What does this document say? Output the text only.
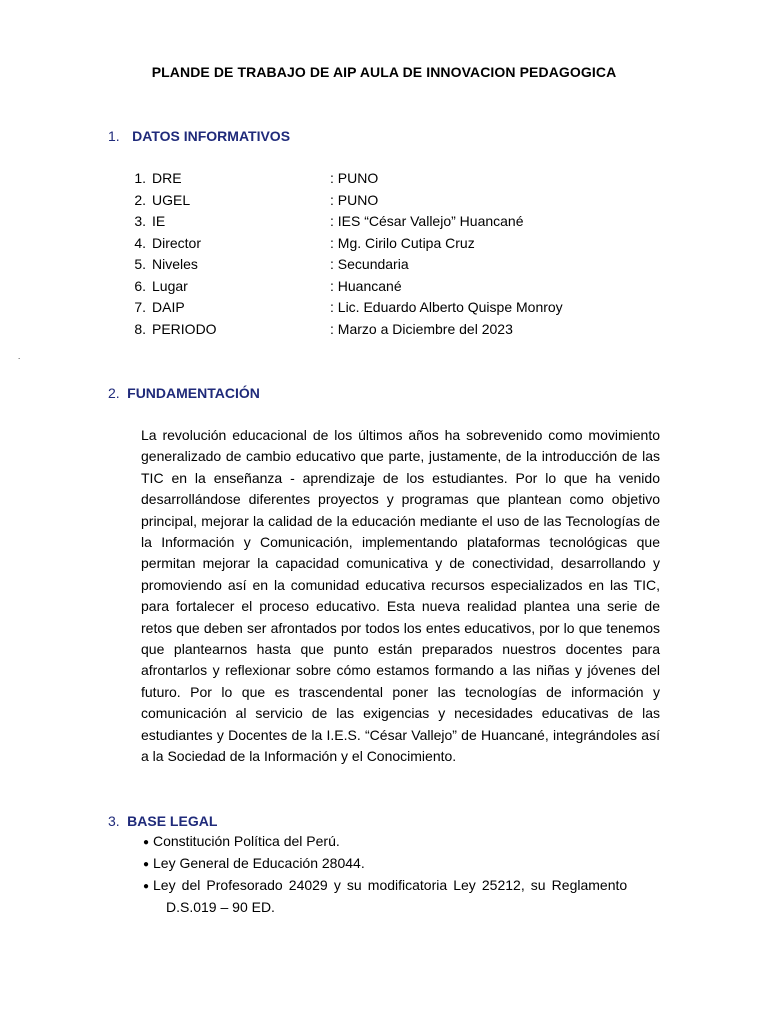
PLANDE DE TRABAJO DE AIP AULA DE INNOVACION PEDAGOGICA
1. DATOS INFORMATIVOS
1. DRE	: PUNO
2. UGEL	: PUNO
3. IE	: IES “César Vallejo” Huancané
4. Director	: Mg. Cirilo Cutipa Cruz
5. Niveles	: Secundaria
6. Lugar	: Huancané
7. DAIP	: Lic. Eduardo Alberto Quispe Monroy
8. PERIODO	: Marzo a Diciembre del 2023
.
2. FUNDAMENTACIÓN

La revolución educacional de los últimos años ha sobrevenido como movimiento generalizado de cambio educativo que parte, justamente, de la introducción de las TIC en la enseñanza - aprendizaje de los estudiantes. Por lo que ha venido desarrollándose diferentes proyectos y programas que plantean como objetivo principal, mejorar la calidad de la educación mediante el uso de las Tecnologías de la Información y Comunicación, implementando plataformas tecnológicas que permitan mejorar la capacidad comunicativa y de conectividad, desarrollando y promoviendo así en la comunidad educativa recursos especializados en las TIC, para fortalecer el proceso educativo. Esta nueva realidad plantea una serie de retos que deben ser afrontados por todos los entes educativos, por lo que tenemos que plantearnos hasta que punto están preparados nuestros docentes para afrontarlos y reflexionar sobre cómo estamos formando a las niñas y jóvenes del futuro. Por lo que es trascendental poner las tecnologías de información y comunicación al servicio de las exigencias y necesidades educativas de las estudiantes y Docentes de la I.E.S. “César Vallejo” de Huancané, integrándoles así a la Sociedad de la Información y el Conocimiento.

3. BASE LEGAL
● Constitución Política del Perú.
● Ley General de Educación 28044.
● Ley del Profesorado 24029 y su modificatoria Ley 25212, su Reglamento
D.S.019 – 90 ED.
